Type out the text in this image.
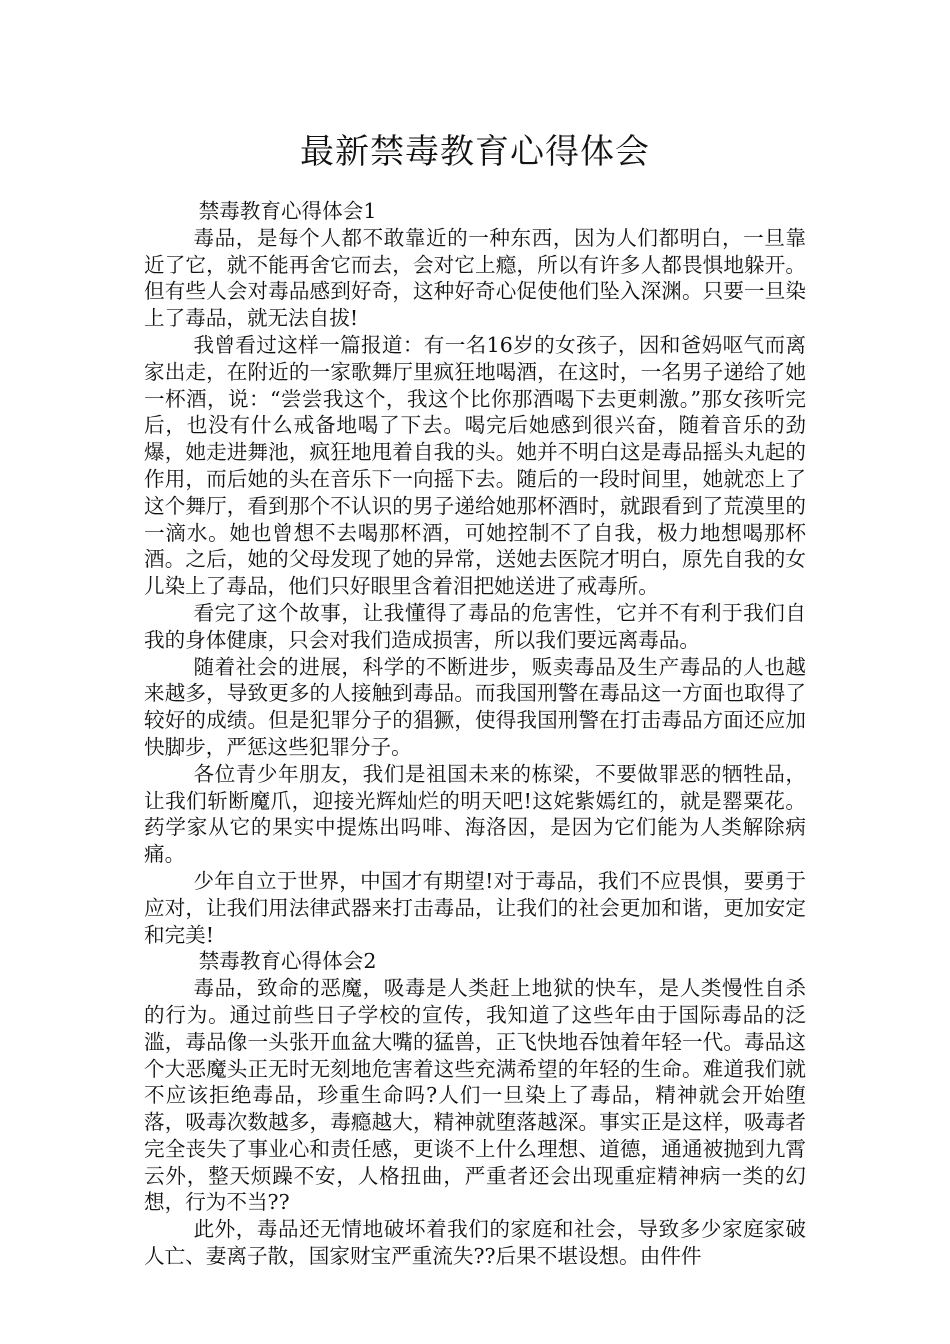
最新禁毒教育心得体会

禁毒教育心得体会1

毒品，是每个人都不敢靠近的一种东西，因为人们都明白，一旦靠近了它，就不能再舍它而去，会对它上瘾，所以有许多人都畏惧地躲开。但有些人会对毒品感到好奇，这种好奇心促使他们坠入深渊。只要一旦染上了毒品，就无法自拔!

我曾看过这样一篇报道：有一名16岁的女孩子，因和爸妈呕气而离家出走，在附近的一家歌舞厅里疯狂地喝酒，在这时，一名男子递给了她一杯酒，说：“尝尝我这个，我这个比你那酒喝下去更刺激。”那女孩听完后，也没有什么戒备地喝了下去。喝完后她感到很兴奋，随着音乐的劲爆，她走进舞池，疯狂地甩着自我的头。她并不明白这是毒品摇头丸起的作用，而后她的头在音乐下一向摇下去。随后的一段时间里，她就恋上了这个舞厅，看到那个不认识的男子递给她那杯酒时，就跟看到了荒漠里的一滴水。她也曾想不去喝那杯酒，可她控制不了自我，极力地想喝那杯酒。之后，她的父母发现了她的异常，送她去医院才明白，原先自我的女儿染上了毒品，他们只好眼里含着泪把她送进了戒毒所。

看完了这个故事，让我懂得了毒品的危害性，它并不有利于我们自我的身体健康，只会对我们造成损害，所以我们要远离毒品。

随着社会的进展，科学的不断进步，贩卖毒品及生产毒品的人也越来越多，导致更多的人接触到毒品。而我国刑警在毒品这一方面也取得了较好的成绩。但是犯罪分子的猖獗，使得我国刑警在打击毒品方面还应加快脚步，严惩这些犯罪分子。

各位青少年朋友，我们是祖国未来的栋梁，不要做罪恶的牺牲品，让我们斩断魔爪，迎接光辉灿烂的明天吧!这姹紫嫣红的，就是罂粟花。药学家从它的果实中提炼出吗啡、海洛因，是因为它们能为人类解除病痛。

少年自立于世界，中国才有期望!对于毒品，我们不应畏惧，要勇于应对，让我们用法律武器来打击毒品，让我们的社会更加和谐，更加安定和完美!

禁毒教育心得体会2

毒品，致命的恶魔，吸毒是人类赶上地狱的快车，是人类慢性自杀的行为。通过前些日子学校的宣传，我知道了这些年由于国际毒品的泛滥，毒品像一头张开血盆大嘴的猛兽，正飞快地吞蚀着年轻一代。毒品这个大恶魔头正无时无刻地危害着这些充满希望的年轻的生命。难道我们就不应该拒绝毒品，珍重生命吗?人们一旦染上了毒品，精神就会开始堕落，吸毒次数越多，毒瘾越大，精神就堕落越深。事实正是这样，吸毒者完全丧失了事业心和责任感，更谈不上什么理想、道德，通通被抛到九霄云外，整天烦躁不安，人格扭曲，严重者还会出现重症精神病一类的幻想，行为不当??

此外，毒品还无情地破坏着我们的家庭和社会，导致多少家庭家破人亡、妻离子散，国家财宝严重流失??后果不堪设想。由件件
